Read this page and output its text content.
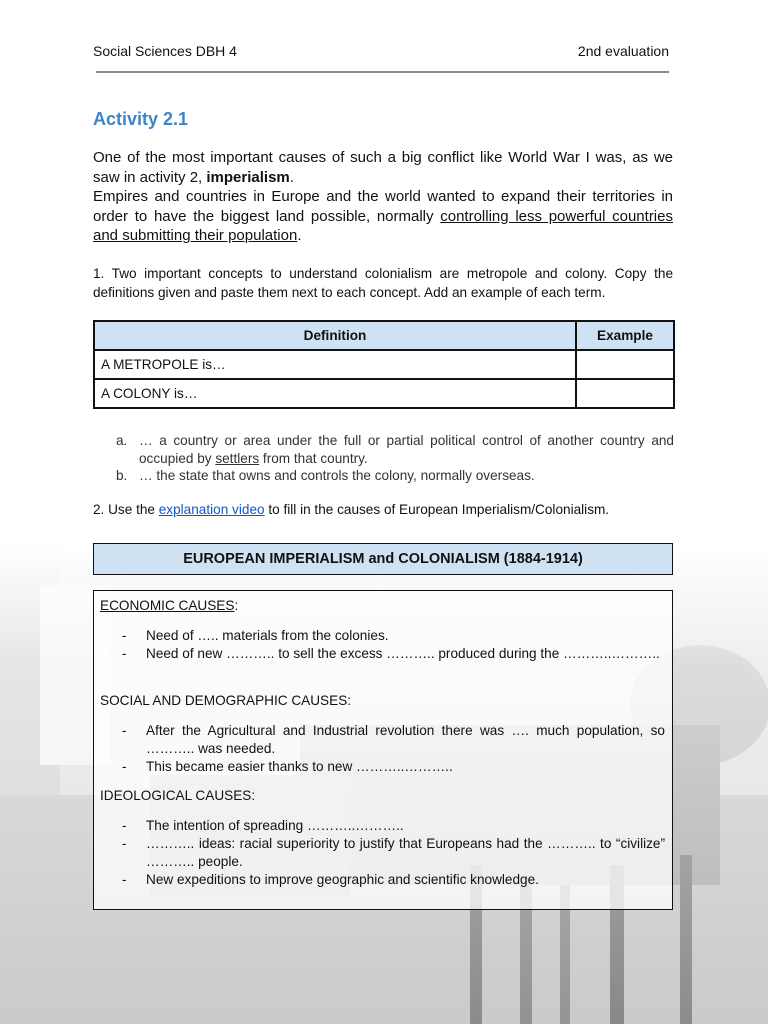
Social Sciences DBH 4	2nd evaluation
Activity 2.1

One of the most important causes of such a big conflict like World War I was, as we saw in activity 2, imperialism.

Empires and countries in Europe and the world wanted to expand their territories in order to have the biggest land possible, normally controlling less powerful countries and submitting their population.

1. Two important concepts to understand colonialism are metropole and colony. Copy the definitions given and paste them next to each concept. Add an example of each term.
Definition	Example
A METROPOLE is…	
A COLONY is…	
a. … a country or area under the full or partial political control of another country and occupied by settlers from that country.
b. … the state that owns and controls the colony, normally overseas.
2. Use the explanation video to fill in the causes of European Imperialism/Colonialism.
EUROPEAN IMPERIALISM and COLONIALISM (1884-1914)
ECONOMIC CAUSES:
-	Need of ….. materials from the colonies.
-	Need of new ……….. to sell the excess ……….. produced during the ………..………..
SOCIAL AND DEMOGRAPHIC CAUSES:
-	After the Agricultural and Industrial revolution there was …. much population, so ……….. was needed.
-	This became easier thanks to new ………..………..
IDEOLOGICAL CAUSES:
-	The intention of spreading ………..………..
-	……….. ideas: racial superiority to justify that Europeans had the ……….. to “civilize” ……….. people.
-	New expeditions to improve geographic and scientific knowledge.
